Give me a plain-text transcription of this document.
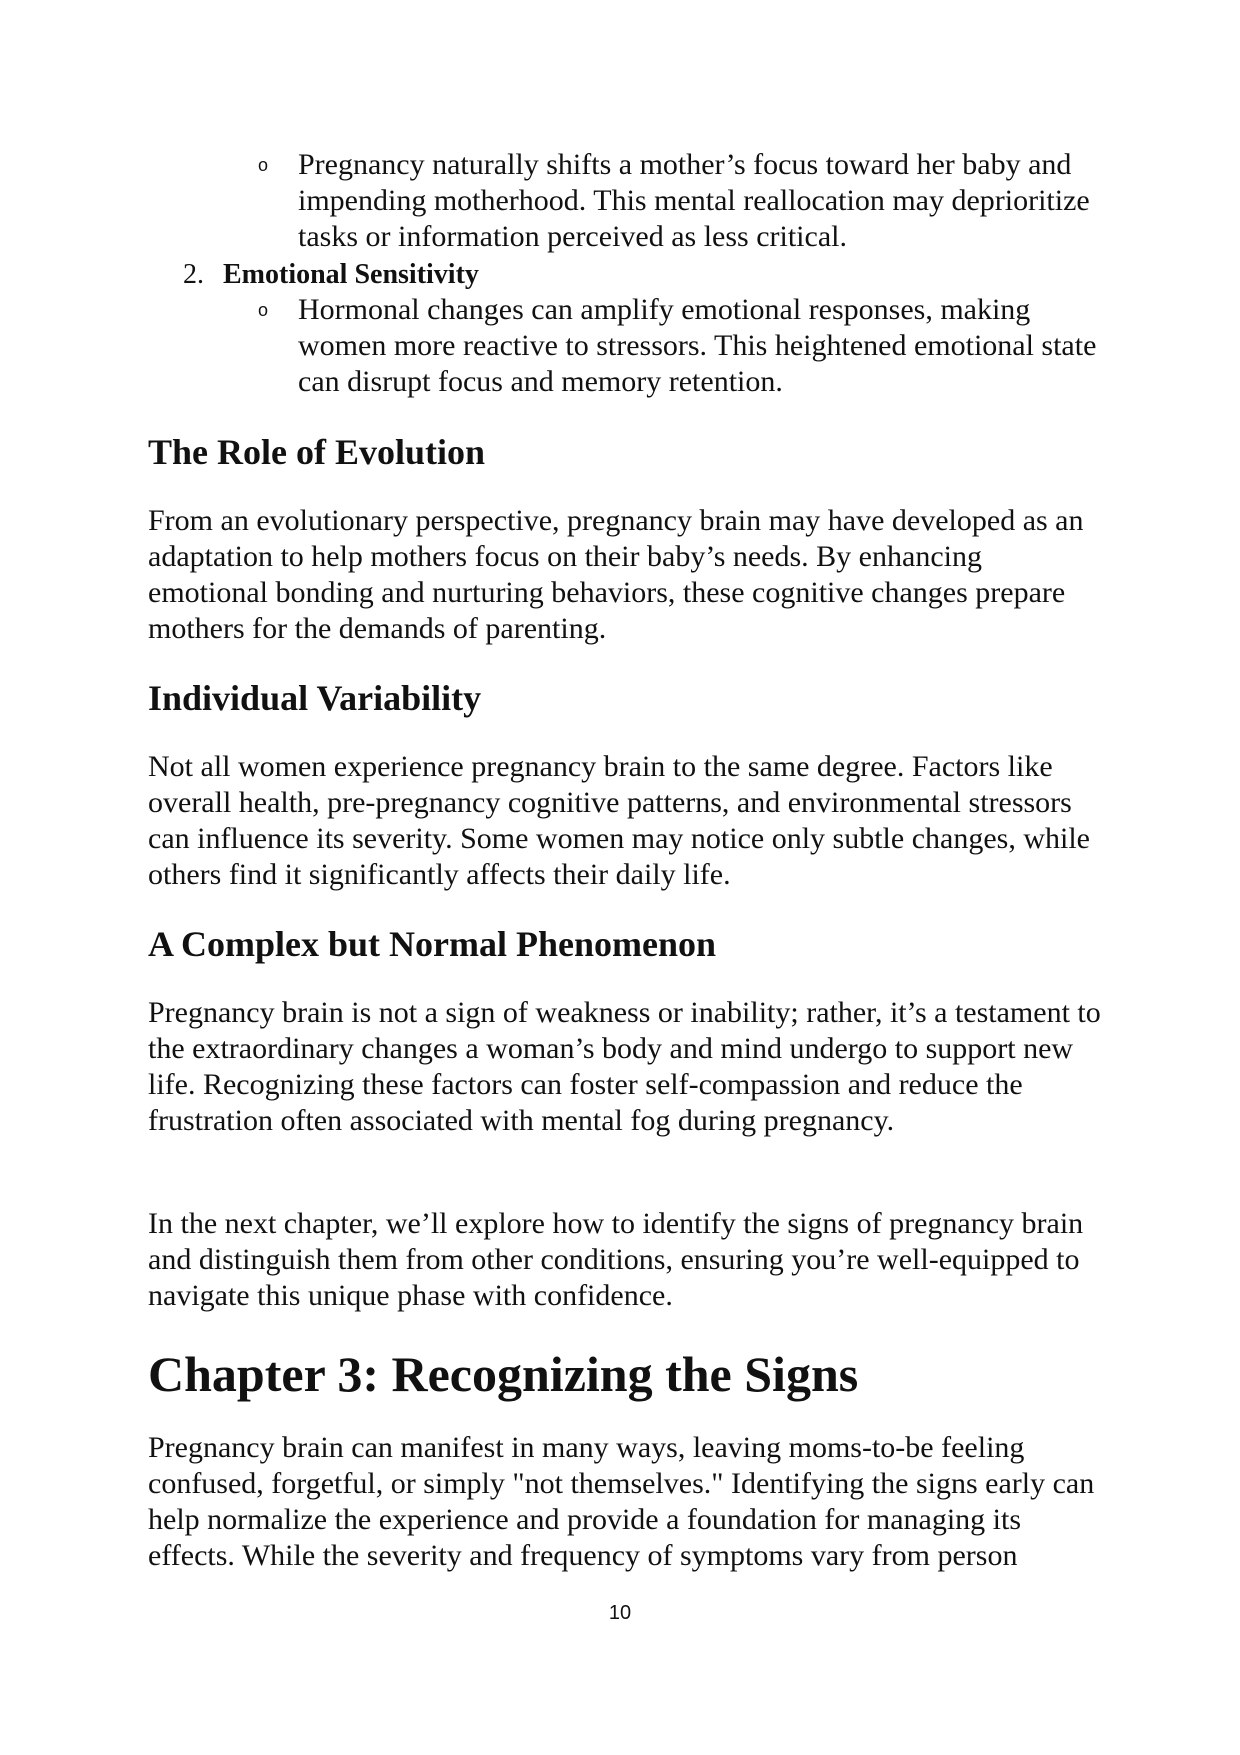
o Pregnancy naturally shifts a mother’s focus toward her baby and impending motherhood. This mental reallocation may deprioritize tasks or information perceived as less critical.

2. Emotional Sensitivity
o Hormonal changes can amplify emotional responses, making women more reactive to stressors. This heightened emotional state can disrupt focus and memory retention.

The Role of Evolution

From an evolutionary perspective, pregnancy brain may have developed as an adaptation to help mothers focus on their baby’s needs. By enhancing emotional bonding and nurturing behaviors, these cognitive changes prepare mothers for the demands of parenting.

Individual Variability

Not all women experience pregnancy brain to the same degree. Factors like overall health, pre-pregnancy cognitive patterns, and environmental stressors can influence its severity. Some women may notice only subtle changes, while others find it significantly affects their daily life.

A Complex but Normal Phenomenon

Pregnancy brain is not a sign of weakness or inability; rather, it’s a testament to the extraordinary changes a woman’s body and mind undergo to support new life. Recognizing these factors can foster self-compassion and reduce the frustration often associated with mental fog during pregnancy.

In the next chapter, we’ll explore how to identify the signs of pregnancy brain and distinguish them from other conditions, ensuring you’re well-equipped to navigate this unique phase with confidence.

Chapter 3: Recognizing the Signs

Pregnancy brain can manifest in many ways, leaving moms-to-be feeling confused, forgetful, or simply "not themselves." Identifying the signs early can help normalize the experience and provide a foundation for managing its effects. While the severity and frequency of symptoms vary from person

10
